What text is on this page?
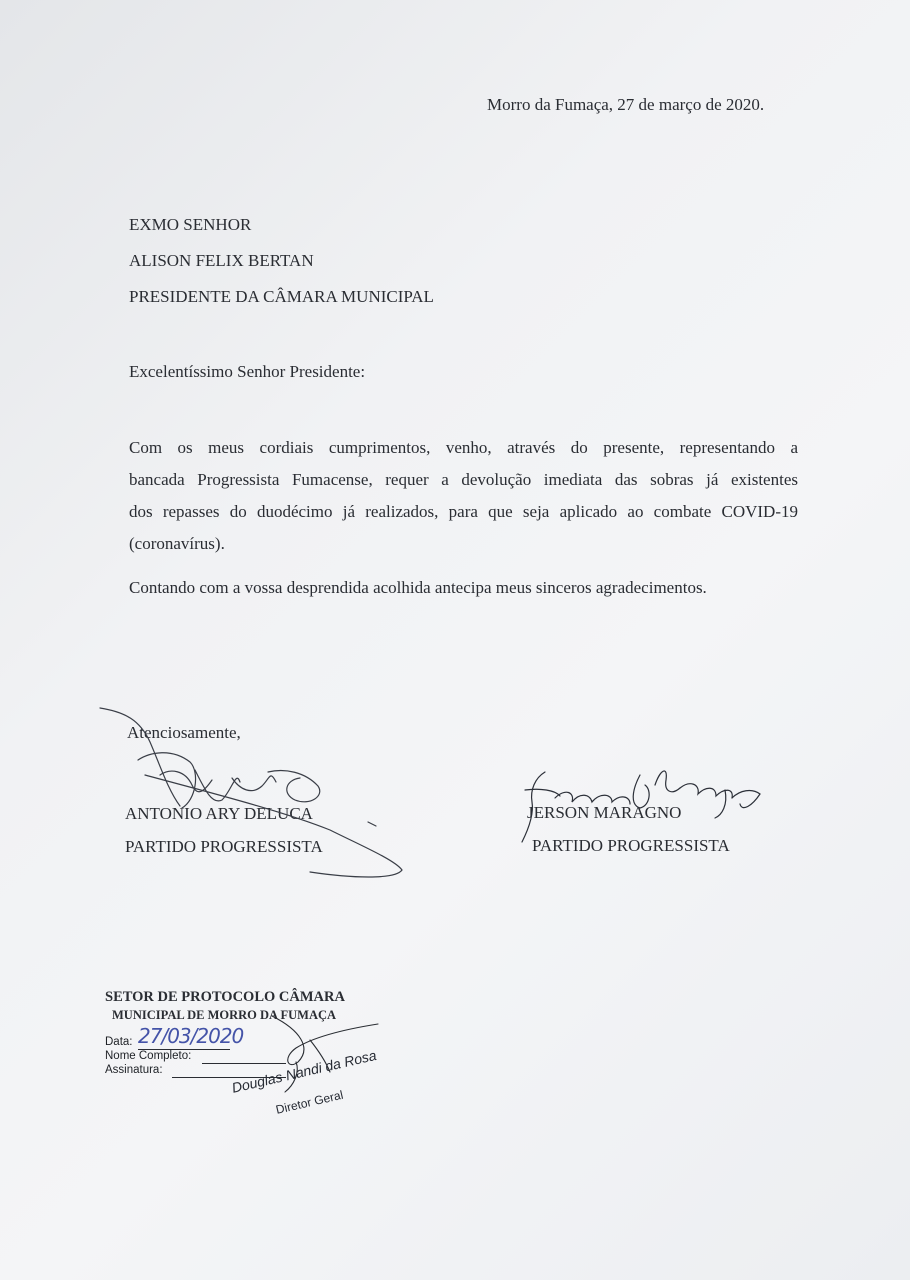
Morro da Fumaça, 27 de março de 2020.
EXMO SENHOR
ALISON FELIX BERTAN
PRESIDENTE DA CÂMARA MUNICIPAL
Excelentíssimo Senhor Presidente:
Com os meus cordiais cumprimentos, venho, através do presente, representando a
bancada Progressista Fumacense, requer a devolução imediata das sobras já existentes
dos repasses do duodécimo já realizados, para que seja aplicado ao combate COVID-19
(coronavírus).
Contando com a vossa desprendida acolhida antecipa meus sinceros agradecimentos.
Atenciosamente,
ANTONIO ARY DELUCA
PARTIDO PROGRESSISTA
JERSON MARAGNO
PARTIDO PROGRESSISTA
SETOR DE PROTOCOLO CÂMARA
MUNICIPAL DE MORRO DA FUMAÇA
Data: 27/03/2020
Nome Completo:
Assinatura:	Douglas Nandi da Rosa
Diretor Geral
